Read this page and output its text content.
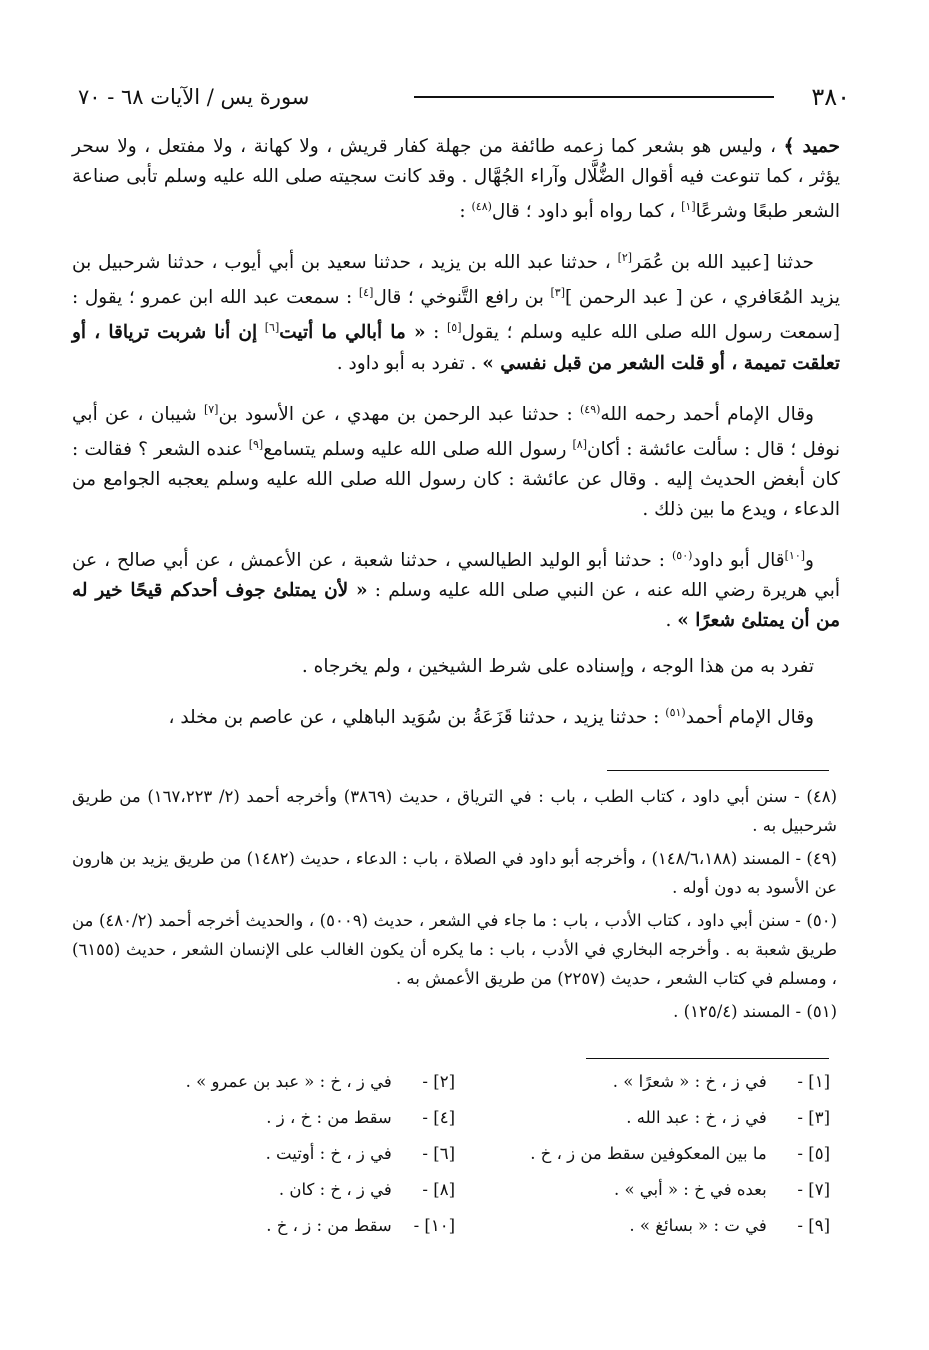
٣٨٠
سورة يس / الآيات ٦٨ - ٧٠

حميد ﴾ ، وليس هو بشعر كما زعمه طائفة من جهلة كفار قريش ، ولا كهانة ، ولا مفتعل ، ولا سحر يؤثر ، كما تنوعت فيه أقوال الضُّلَّال وآراء الجُهَّال . وقد كانت سجيته صلى الله عليه وسلم تأبى صناعة الشعر طبعًا وشرعًا[١] ، كما رواه أبو داود ؛ قال$^{(٤٨)}$ :

حدثنا [عبيد الله بن عُمَر[٢] ، حدثنا عبد الله بن يزيد ، حدثنا سعيد بن أبي أيوب ، حدثنا شرحبيل بن يزيد المُعَافري ، عن [ عبد الرحمن ][٣] بن رافع التَّنوخي ؛ قال[٤] : سمعت عبد الله ابن عمرو ؛ يقول : [سمعت رسول الله صلى الله عليه وسلم ؛ يقول[٥] : « ما أبالي ما أتيت[٦] إن أنا شربت ترياقا ، أو تعلقت تميمة ، أو قلت الشعر من قبل نفسي » . تفرد به أبو داود .

وقال الإمام أحمد رحمه الله$^{(٤٩)}$ : حدثنا عبد الرحمن بن مهدي ، عن الأسود بن[٧] شيبان ، عن أبي نوفل ؛ قال : سألت عائشة : أكان[٨] رسول الله صلى الله عليه وسلم يتسامع[٩] عنده الشعر ؟ فقالت : كان أبغض الحديث إليه . وقال عن عائشة : كان رسول الله صلى الله عليه وسلم يعجبه الجوامع من الدعاء ، ويدع ما بين ذلك .

و[١٠]قال أبو داود$^{(٥٠)}$ : حدثنا أبو الوليد الطيالسي ، حدثنا شعبة ، عن الأعمش ، عن أبي صالح ، عن أبي هريرة رضي الله عنه ، عن النبي صلى الله عليه وسلم : « لأن يمتلئ جوف أحدكم قيحًا خير له من أن يمتلئ شعرًا » .

تفرد به من هذا الوجه ، وإسناده على شرط الشيخين ، ولم يخرجاه .

وقال الإمام أحمد$^{(٥١)}$ : حدثنا يزيد ، حدثنا قَزَعَةُ بن سُوَيد الباهلي ، عن عاصم بن مخلد ،

(٤٨) - سنن أبي داود ، كتاب الطب ، باب : في الترياق ، حديث (٣٨٦٩) وأخرجه أحمد (٢/ ١٦٧،٢٢٣) من طريق شرحبيل به .

(٤٩) - المسند (١٤٨/٦،١٨٨) ، وأخرجه أبو داود في الصلاة ، باب : الدعاء ، حديث (١٤٨٢) من طريق يزيد بن هارون عن الأسود به دون أوله .

(٥٠) - سنن أبي داود ، كتاب الأدب ، باب : ما جاء في الشعر ، حديث (٥٠٠٩) ، والحديث أخرجه أحمد (٤٨٠/٢) من طريق شعبة به . وأخرجه البخاري في الأدب ، باب : ما يكره أن يكون الغالب على الإنسان الشعر ، حديث (٦١٥٥) ، ومسلم في كتاب الشعر ، حديث (٢٢٥٧) من طريق الأعمش به .

(٥١) - المسند (١٢٥/٤) .

[١] - في ز ، خ : « شعرًا » .
[٢] - في ز ، خ : « عبد بن عمرو » .
[٣] - في ز ، خ : عبد الله .
[٤] - سقط من : خ ، ز .
[٥] - ما بين المعكوفين سقط من ز ، خ .
[٦] - في ز ، خ : أوتيت .
[٧] - بعده في خ : « أبي » .
[٨] - في ز ، خ : كان .
[٩] - في ت : « بسائغ » .
[١٠] - سقط من : ز ، خ .
